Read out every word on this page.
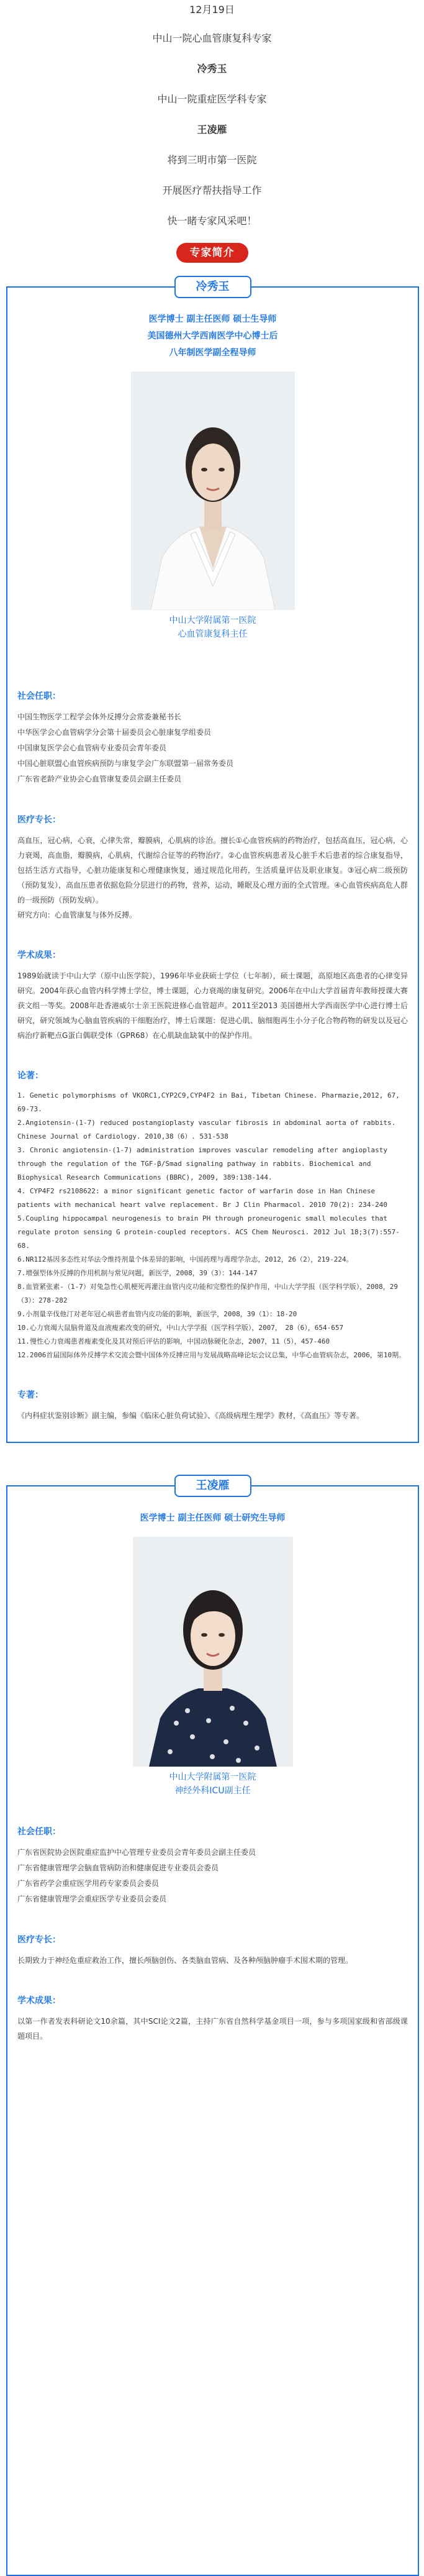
12月19日
中山一院心血管康复科专家
冷秀玉
中山一院重症医学科专家
王凌雁
将到三明市第一医院
开展医疗帮扶指导工作
快一睹专家风采吧！
专家简介
冷秀玉
医学博士 副主任医师 硕士生导师
美国德州大学西南医学中心博士后
八年制医学副全程导师
中山大学附属第一医院
心血管康复科主任
社会任职：
中国生物医学工程学会体外反搏分会常委兼秘书长
中华医学会心血管病学分会第十届委员会心脏康复学组委员
中国康复医学会心血管病专业委员会青年委员
中国心脏联盟心血管疾病预防与康复学会广东联盟第一届常务委员
广东省老龄产业协会心血管康复委员会副主任委员
医疗专长：
高血压，冠心病，心衰，心律失常，瓣膜病，心肌病的诊治。擅长①心血管疾病的药物治疗，包括高血压，冠心病，心力衰竭，高血脂，瓣膜病，心肌病，代谢综合征等的药物治疗。②心血管疾病患者及心脏手术后患者的综合康复指导，包括生活方式指导，心脏功能康复和心理健康恢复，通过规范化用药，生活质量评估及职业康复。③冠心病二级预防（预防复发），高血压患者依据危险分层进行的药物，营养，运动，睡眠及心理方面的全式管理。④心血管疾病高危人群的一级预防（预防发病）。
研究方向：心血管康复与体外反搏。
学术成果：
1989始就读于中山大学（原中山医学院），1996年毕业获硕士学位（七年制），硕士课题，高原地区高患者的心律变异研究。2004年获心血管内科学博士学位，博士课题，心力衰竭的康复研究。2006年在中山大学首届青年教师授课大赛获文组一等奖。2008年赴香港威尔士亲王医院进修心血管超声。2011至2013 美国德州大学西南医学中心进行博士后研究，研究领域为心脑血管疾病的干细胞治疗，博士后课题：促进心肌、脑细胞再生小分子化合物药物的研发以及冠心病治疗新靶点G蛋白偶联受体（GPR68）在心肌缺血缺氧中的保护作用。
论著：
1. Genetic polymorphisms of VKORC1,CYP2C9,CYP4F2 in Bai, Tibetan Chinese. Pharmazie,2012, 67, 69-73.
2.Angiotensin-(1-7) reduced postangioplasty vascular fibrosis in abdominal aorta of rabbits. Chinese Journal of Cardiology. 2010,38（6）. 531-538
3. Chronic angiotensin-(1-7) administration improves vascular remodeling after angioplasty through the regulation of the TGF-β/Smad signaling pathway in rabbits. Biochemical and Biophysical Research Communications (BBRC), 2009, 389:138-144.
4. CYP4F2 rs2108622: a minor significant genetic factor of warfarin dose in Han Chinese patients with mechanical heart valve replacement. Br J Clin Pharmacol. 2010 70(2): 234-240
5.Coupling hippocampal neurogenesis to brain PH through proneurogenic small molecules that regulate proton sensing G protein-coupled receptors. ACS Chem Neurosci. 2012 Jul 18;3(7):557-68.
6.NR1I2基因多态性对华法令维持剂量个体差异的影响，中国药理与毒理学杂志，2012，26（2），219-224。
7.增强型体外反搏的作用机制与常见问题，新医学，2008，39（3）：144-147
8.血管紧张素-（1-7）对兔急性心肌梗死再灌注血管内皮功能和完整性的保护作用，中山大学学报（医学科学版），2008，29（3）：278-282
9.小剂量辛伐他汀对老年冠心病患者血管内皮功能的影响，新医学，2008，39（1）：18-20
10.心力衰竭大鼠脑骨道及血液瘦素改变的研究，中山大学学报（医学科学版），2007，　28（6），654-657
11.慢性心力衰竭患者瘦素变化及其对预后评估的影响，中国动脉硬化杂志，2007，11（5），457-460
12.2006首届国际体外反搏学术交流会暨中国体外反搏应用与发展战略高峰论坛会议总集，中华心血管病杂志，2006，第10期。
专著：
《内科症状鉴别诊断》副主编，参编《临床心脏负荷试验》、《高级病理生理学》教材，《高血压》等专著。
王凌雁
医学博士 副主任医师 硕士研究生导师
中山大学附属第一医院
神经外科ICU副主任
社会任职：
广东省医院协会医院重症监护中心管理专业委员会青年委员会副主任委员
广东省健康管理学会脑血管病防治和健康促进专业委员会委员
广东省药学会重症医学用药专家委员会委员
广东省健康管理学会重症医学专业委员会委员
医疗专长：
长期致力于神经危重症救治工作，擅长颅脑创伤、各类脑血管病、及各种颅脑肿瘤手术围术期的管理。
学术成果：
以第一作者发表科研论文10余篇，其中SCI论文2篇，主持广东省自然科学基金项目一项，参与多项国家级和省部级课题项目。
